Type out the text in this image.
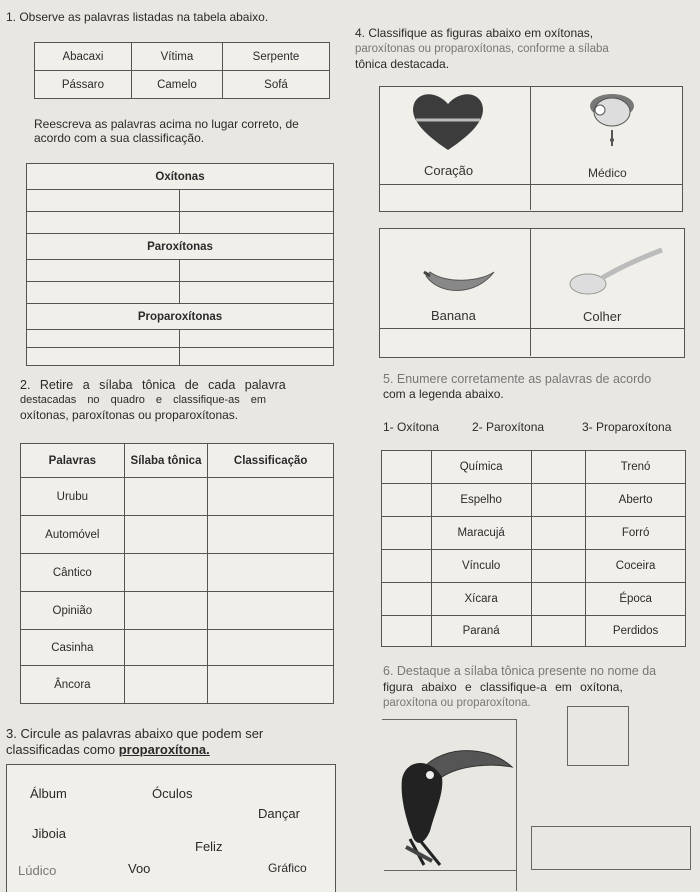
1. Observe as palavras listadas na tabela abaixo.
Abacaxi	Vítima	Serpente
Pássaro	Camelo	Sofá
Reescreva as palavras acima no lugar correto, de acordo com a sua classificação.
Oxítonas	

Paroxítonas	

Proparoxítonas	

2. Retire a sílaba tônica de cada palavra
destacadas no quadro e classifique-as em
oxítonas, paroxítonas ou proparoxítonas.
Palavras	Sílaba tônica	Classificação
Urubu		
Automóvel		
Cântico		
Opinião		
Casinha		
Âncora		
3. Circule as palavras abaixo que podem ser
classificadas como proparoxítona.
Álbum	Óculos
Dançar
Jiboia
Feliz
Lúdico	Voo	Gráfico
4. Classifique as figuras abaixo em oxítonas,
paroxítonas ou proparoxítonas, conforme a sílaba
tônica destacada.
Coração	Médico
Banana	Colher
5. Enumere corretamente as palavras de acordo
com a legenda abaixo.
1- Oxítona	2- Paroxítona	3- Proparoxítona
	Química		Trenó
	Espelho		Aberto
	Maracujá		Forró
	Vínculo		Coceira
	Xícara		Época
	Paraná		Perdidos
6. Destaque a sílaba tônica presente no nome da
figura abaixo e classifique-a em oxítona,
paroxítona ou proparoxítona.
